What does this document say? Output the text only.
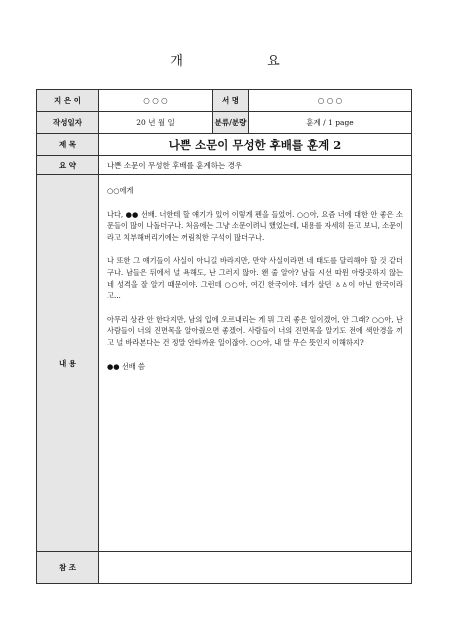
개 요
지 은 이	○ ○ ○	서 명	○ ○ ○
작성일자	20 년 월 일	분류/분량	훈계 / 1 page
제 목	나쁜 소문이 무성한 후배를 훈계 2		
요 약	나쁜 소문이 무성한 후배를 훈계하는 경우		
내 용	○○에게

나다, ●● 선배. 너한테 할 얘기가 있어 이렇게 펜을 들었어. ○○아, 요즘 너에 대한 안 좋은 소문들이 많이 나돌더구나. 처음에는 그냥 소문이려니 했었는데, 내용를 자세히 듣고 보니, 소문이라고 치부해버리기에는 꺼림칙한 구석이 많더구나.

나 또한 그 얘기들이 사실이 아니길 바라지만, 만약 사실이라면 네 태도를 달리해야 할 것 같더구나. 남들은 뒤에서 널 욕해도, 난 그러지 않아. 왠 줄 알아? 남들 시선 따윈 아랑곳하지 않는 네 성격을 잘 알기 때문이야. 그런데 ○○아, 여긴 한국이야. 네가 살던 ㅿㅿ이 아닌 한국이라고...

아무리 상관 안 한다지만, 남의 입에 오르내리는 게 뭐 그리 좋은 일이겠어, 안 그래? ○○아, 난 사람들이 너의 진면목을 알아줬으면 좋겠어. 사람들이 너의 진면목을 알기도 전에 색안경을 끼고 널 바라본다는 건 정말 안타까운 일이잖아. ○○아, 내 말 무슨 뜻인지 이해하지?

●● 선배 씀		

참 조			
